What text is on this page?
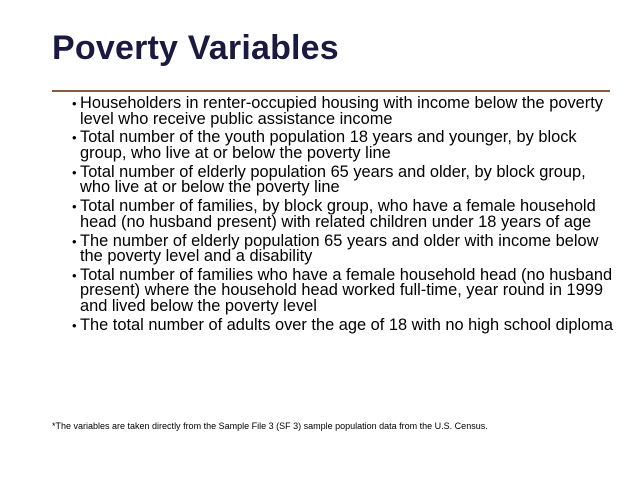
Poverty Variables
• Householders in renter-occupied housing with income below the poverty level who receive public assistance income
• Total number of the youth population 18 years and younger, by block group, who live at or below the poverty line
• Total number of elderly population 65 years and older, by block group, who live at or below the poverty line
• Total number of families, by block group, who have a female household head (no husband present) with related children under 18 years of age
• The number of elderly population 65 years and older with income below the poverty level and a disability
• Total number of families who have a female household head (no husband present) where the household head worked full-time, year round in 1999 and lived below the poverty level
• The total number of adults over the age of 18 with no high school diploma

*The variables are taken directly from the Sample File 3 (SF 3) sample population data from the U.S. Census.
